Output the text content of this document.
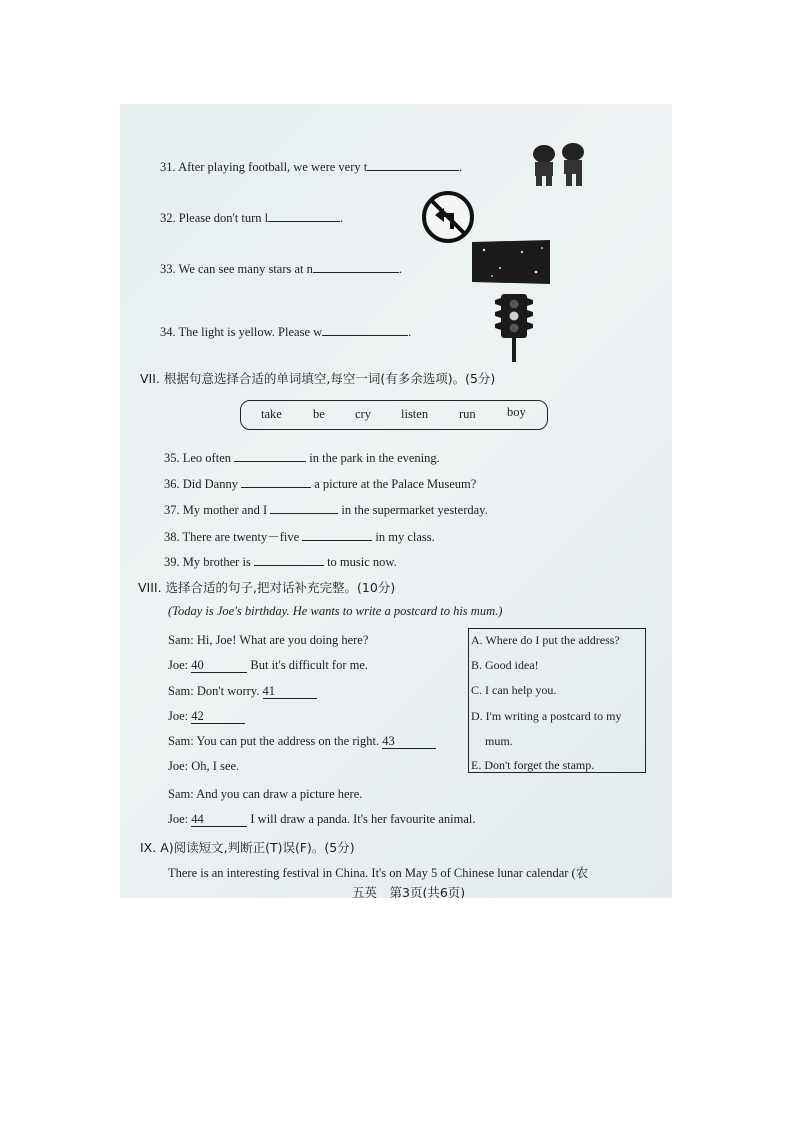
31. After playing football, we were very t	.
32. Please don't turn l	.
33. We can see many stars at n	.
34. The light is yellow. Please w	.
VII. 根据句意选择合适的单词填空,每空一词(有多余选项)。(5分)
take be cry listen run	boy
35. Leo often	in the park in the evening.
36. Did Danny	a picture at the Palace Museum?
37. My mother and I	in the supermarket yesterday.
38. There are twenty－five	in my class.
39. My brother is	to music now.
VIII. 选择合适的句子,把对话补充完整。(10分)
(Today is Joe's birthday. He wants to write a postcard to his mum.)
Sam: Hi, Joe! What are you doing here?
Joe: 40	But it's difficult for me.
Sam: Don't worry. 41
Joe: 42
Sam: You can put the address on the right. 43
Joe: Oh, I see.
Sam: And you can draw a picture here.
Joe: 44	I will draw a panda. It's her favourite animal.
A. Where do I put the address?
B. Good idea!
C. I can help you.
D. I'm writing a postcard to my
mum.
E. Don't forget the stamp.
IX. A)阅读短文,判断正(T)误(F)。(5分)
There is an interesting festival in China. It's on May 5 of Chinese lunar calendar (农
五英　第3页(共6页)
